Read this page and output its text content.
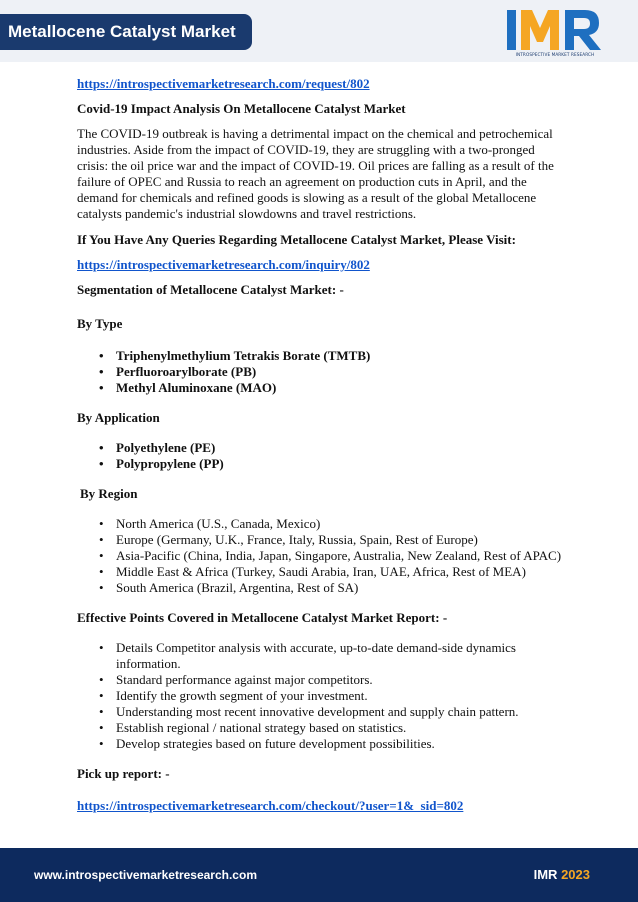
Metallocene Catalyst Market
INTROSPECTIVE MARKET RESEARCH

https://introspectivemarketresearch.com/request/802

Covid-19 Impact Analysis On Metallocene Catalyst Market

The COVID-19 outbreak is having a detrimental impact on the chemical and petrochemical
industries. Aside from the impact of COVID-19, they are struggling with a two-pronged
crisis: the oil price war and the impact of COVID-19. Oil prices are falling as a result of the
failure of OPEC and Russia to reach an agreement on production cuts in April, and the
demand for chemicals and refined goods is slowing as a result of the global Metallocene
catalysts pandemic's industrial slowdowns and travel restrictions.

If You Have Any Queries Regarding Metallocene Catalyst Market, Please Visit:

https://introspectivemarketresearch.com/inquiry/802

Segmentation of Metallocene Catalyst Market: -

By Type

• Triphenylmethylium Tetrakis Borate (TMTB)
• Perfluoroarylborate (PB)
• Methyl Aluminoxane (MAO)

By Application

• Polyethylene (PE)
• Polypropylene (PP)

By Region

• North America (U.S., Canada, Mexico)
• Europe (Germany, U.K., France, Italy, Russia, Spain, Rest of Europe)
• Asia-Pacific (China, India, Japan, Singapore, Australia, New Zealand, Rest of APAC)
• Middle East & Africa (Turkey, Saudi Arabia, Iran, UAE, Africa, Rest of MEA)
• South America (Brazil, Argentina, Rest of SA)

Effective Points Covered in Metallocene Catalyst Market Report: -

• Details Competitor analysis with accurate, up-to-date demand-side dynamics information.
• Standard performance against major competitors.
• Identify the growth segment of your investment.
• Understanding most recent innovative development and supply chain pattern.
• Establish regional / national strategy based on statistics.
• Develop strategies based on future development possibilities.

Pick up report: -

https://introspectivemarketresearch.com/checkout/?user=1&_sid=802

www.introspectivemarketresearch.com	IMR 2023
